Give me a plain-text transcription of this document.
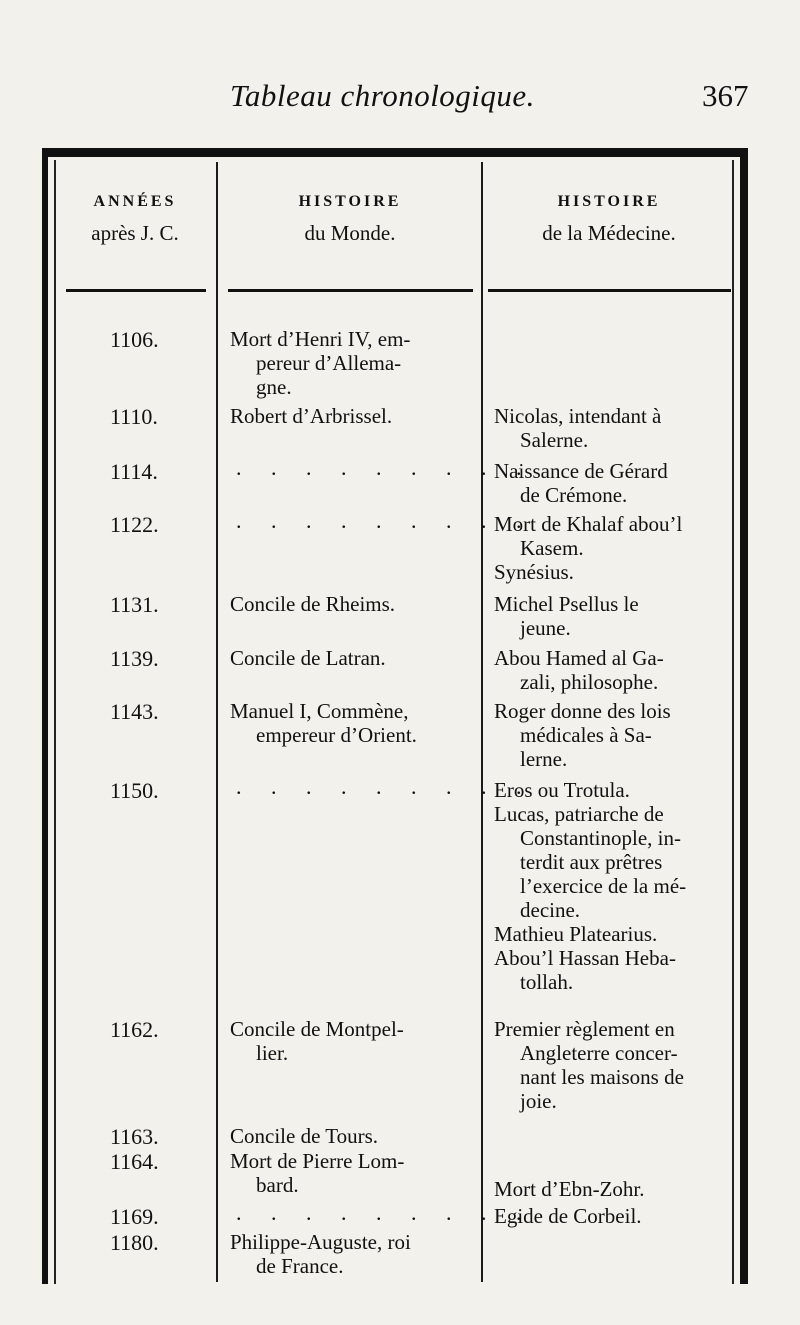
Tableau chronologique.	367
ANNÉES
après J. C.
HISTOIRE
du Monde.
HISTOIRE
de la Médecine.
1106.
1110.
1114.
1122.
1131.
1139.
1143.
1150.
1162.
1163.
1164.
1169.
1180.
Mort d’Henri IV, em-
pereur d’Allema-
gne.
Robert d’Arbrissel.
. . . . . . . . .
. . . . . . . . .
Concile de Rheims.
Concile de Latran.
Manuel I, Commène,
empereur d’Orient.
. . . . . . . . .
Concile de Montpel-
lier.
Concile de Tours.
Mort de Pierre Lom-
bard.
. . . . . . . . .
Philippe-Auguste, roi
de France.
Nicolas, intendant à
Salerne.
Naissance de Gérard
de Crémone.
Mort de Khalaf abou’l
Kasem.
Synésius.
Michel Psellus le
jeune.
Abou Hamed al Ga-
zali, philosophe.
Roger donne des lois
médicales à Sa-
lerne.
Eros ou Trotula.
Lucas, patriarche de
Constantinople, in-
terdit aux prêtres
l’exercice de la mé-
decine.
Mathieu Platearius.
Abou’l Hassan Heba-
tollah.
Premier règlement en
Angleterre concer-
nant les maisons de
joie.
Mort d’Ebn-Zohr.
Egide de Corbeil.
